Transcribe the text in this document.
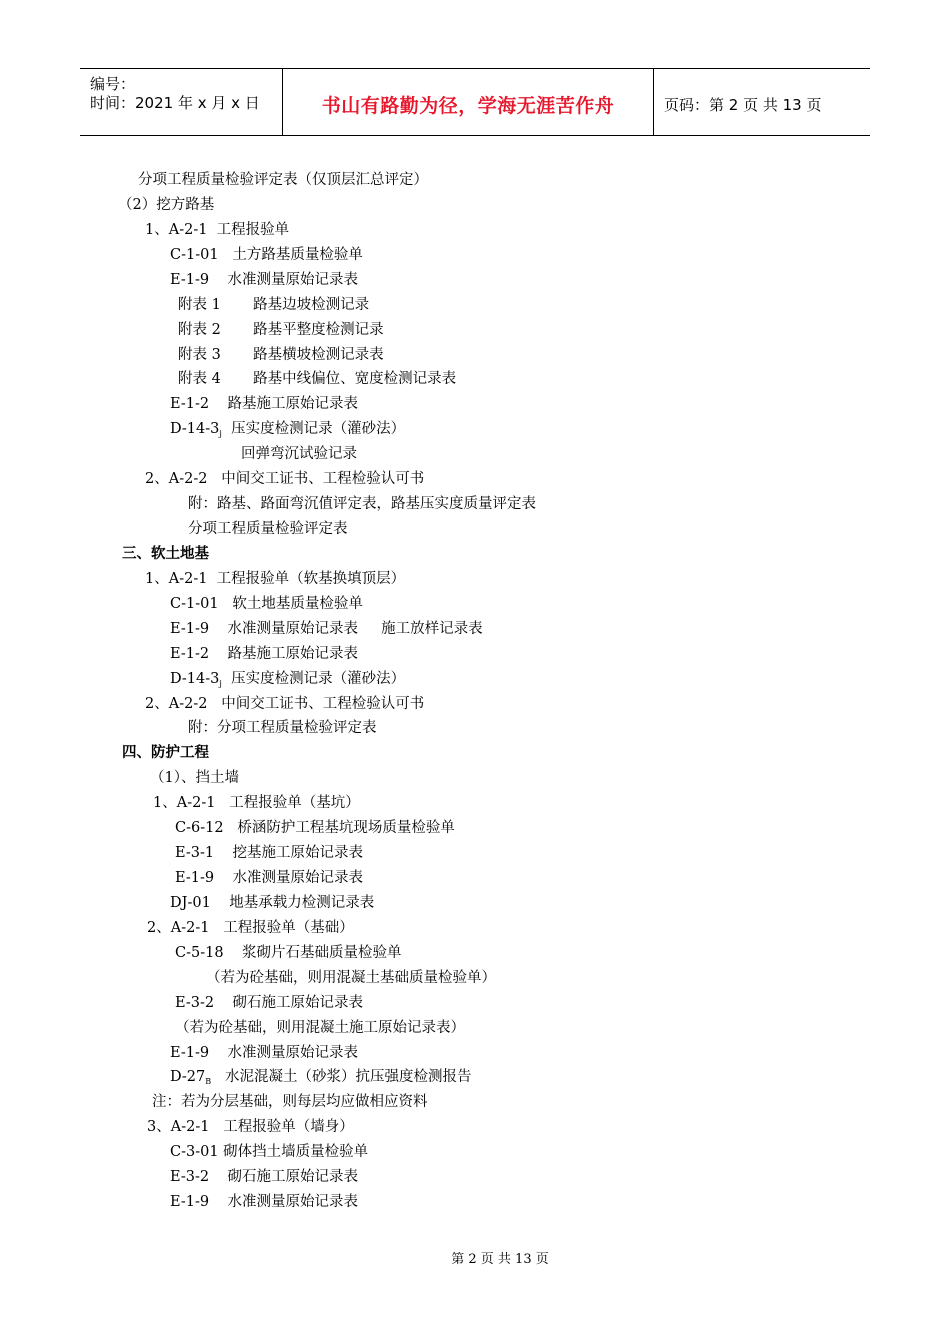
编号：
时间：2021 年 x 月 x 日	书山有路勤为径，学海无涯苦作舟	页码：第 2 页 共 13 页
分项工程质量检验评定表（仅顶层汇总评定）
（2）挖方路基
1、A-2-1  工程报验单
C-1-01   土方路基质量检验单
E-1-9    水准测量原始记录表
附表 1       路基边坡检测记录
附表 2       路基平整度检测记录
附表 3       路基横坡检测记录表
附表 4       路基中线偏位、宽度检测记录表
E-1-2    路基施工原始记录表
$D-14-3_j$  压实度检测记录（灌砂法）
回弹弯沉试验记录
2、A-2-2   中间交工证书、工程检验认可书
附：路基、路面弯沉值评定表，路基压实度质量评定表
分项工程质量检验评定表
三、软土地基
1、A-2-1  工程报验单（软基换填顶层）
C-1-01   软土地基质量检验单
E-1-9    水准测量原始记录表     施工放样记录表
E-1-2    路基施工原始记录表
$D-14-3_j$  压实度检测记录（灌砂法）
2、A-2-2   中间交工证书、工程检验认可书
附：分项工程质量检验评定表
四、防护工程
（1）、挡土墙
1、A-2-1   工程报验单（基坑）
C-6-12   桥涵防护工程基坑现场质量检验单
E-3-1    挖基施工原始记录表
E-1-9    水准测量原始记录表
DJ-01    地基承载力检测记录表
2、A-2-1   工程报验单（基础）
C-5-18    浆砌片石基础质量检验单
（若为砼基础，则用混凝土基础质量检验单）
E-3-2    砌石施工原始记录表
（若为砼基础，则用混凝土施工原始记录表）
E-1-9    水准测量原始记录表
$D-27_B$   水泥混凝土（砂浆）抗压强度检测报告
注：若为分层基础，则每层均应做相应资料
3、A-2-1   工程报验单（墙身）
C-3-01 砌体挡土墙质量检验单
E-3-2    砌石施工原始记录表
E-1-9    水准测量原始记录表
第 2 页 共 13 页
